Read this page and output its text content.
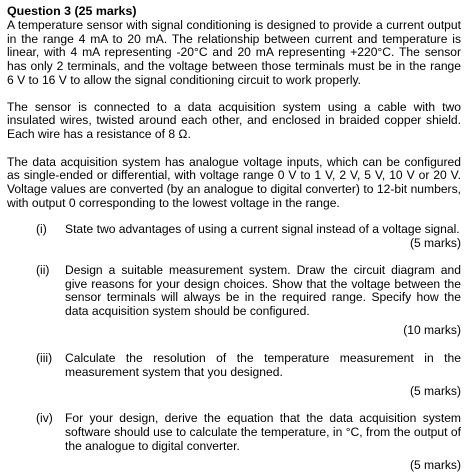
Question 3 (25 marks)

A temperature sensor with signal conditioning is designed to provide a current output in the range 4 mA to 20 mA. The relationship between current and temperature is linear, with 4 mA representing -20°C and 20 mA representing +220°C. The sensor has only 2 terminals, and the voltage between those terminals must be in the range 6 V to 16 V to allow the signal conditioning circuit to work properly.

The sensor is connected to a data acquisition system using a cable with two insulated wires, twisted around each other, and enclosed in braided copper shield. Each wire has a resistance of 8 Ω.

The data acquisition system has analogue voltage inputs, which can be configured as single-ended or differential, with voltage range 0 V to 1 V, 2 V, 5 V, 10 V or 20 V. Voltage values are converted (by an analogue to digital converter) to 12-bit numbers, with output 0 corresponding to the lowest voltage in the range.

(i) State two advantages of using a current signal instead of a voltage signal.
(5 marks)
(ii) Design a suitable measurement system. Draw the circuit diagram and give reasons for your design choices. Show that the voltage between the sensor terminals will always be in the required range. Specify how the data acquisition system should be configured.
(10 marks)
(iii) Calculate the resolution of the temperature measurement in the measurement system that you designed.
(5 marks)
(iv) For your design, derive the equation that the data acquisition system software should use to calculate the temperature, in °C, from the output of the analogue to digital converter.
(5 marks)
